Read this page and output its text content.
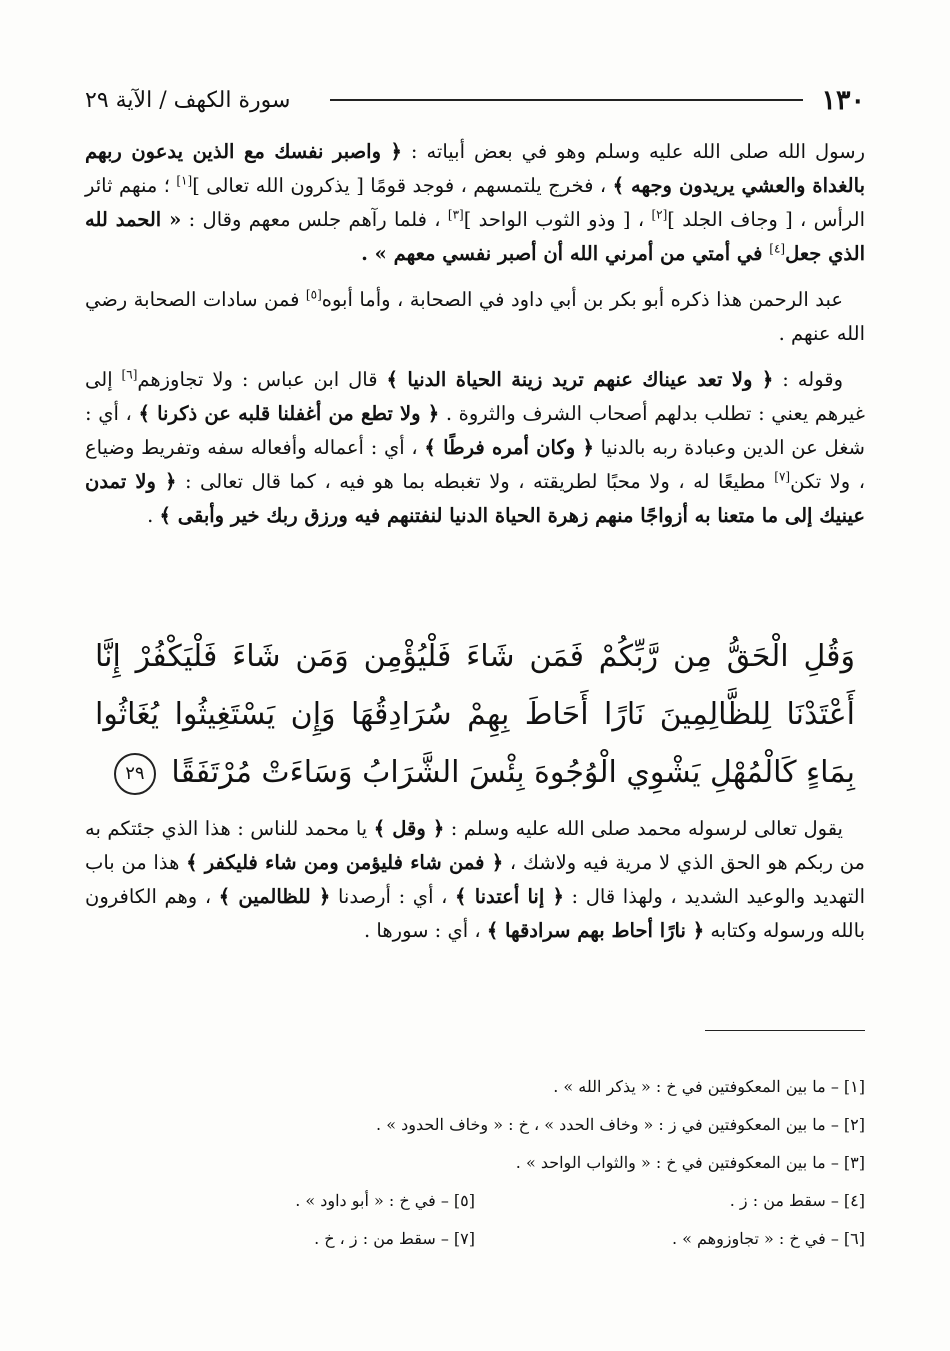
١٣٠
سورة الكهف / الآية ٢٩

رسول الله صلى الله عليه وسلم وهو في بعض أبياته : ﴿ واصبر نفسك مع الذين يدعون ربهم بالغداة والعشي يريدون وجهه ﴾ ، فخرج يلتمسهم ، فوجد قومًا [ يذكرون الله تعالى ][١] ؛ منهم ثائر الرأس ، [ وجاف الجلد ][٢] ، [ وذو الثوب الواحد ][٣] ، فلما رآهم جلس معهم وقال : « الحمد لله الذي جعل[٤] في أمتي من أمرني الله أن أصبر نفسي معهم » .

عبد الرحمن هذا ذكره أبو بكر بن أبي داود في الصحابة ، وأما أبوه[٥] فمن سادات الصحابة رضي الله عنهم .

وقوله : ﴿ ولا تعد عيناك عنهم تريد زينة الحياة الدنيا ﴾ قال ابن عباس : ولا تجاوزهم[٦] إلى غيرهم يعني : تطلب بدلهم أصحاب الشرف والثروة . ﴿ ولا تطع من أغفلنا قلبه عن ذكرنا ﴾ ، أي : شغل عن الدين وعبادة ربه بالدنيا ﴿ وكان أمره فرطًا ﴾ ، أي : أعماله وأفعاله سفه وتفريط وضياع ، ولا تكن[٧] مطيعًا له ، ولا محبًا لطريقته ، ولا تغبطه بما هو فيه ، كما قال تعالى : ﴿ ولا تمدن عينيك إلى ما متعنا به أزواجًا منهم زهرة الحياة الدنيا لنفتنهم فيه ورزق ربك خير وأبقى ﴾ .

وَقُلِ الْحَقُّ مِن رَّبِّكُمْ فَمَن شَاءَ فَلْيُؤْمِن وَمَن شَاءَ فَلْيَكْفُرْ إِنَّا أَعْتَدْنَا لِلظَّالِمِينَ نَارًا أَحَاطَ بِهِمْ سُرَادِقُهَا وَإِن يَسْتَغِيثُوا يُغَاثُوا بِمَاءٍ كَالْمُهْلِ يَشْوِي الْوُجُوهَ بِئْسَ الشَّرَابُ وَسَاءَتْ مُرْتَفَقًا
٢٩
يقول تعالى لرسوله محمد صلى الله عليه وسلم : ﴿ وقل ﴾ يا محمد للناس : هذا الذي جئتكم به من ربكم هو الحق الذي لا مرية فيه ولاشك ، ﴿ فمن شاء فليؤمن ومن شاء فليكفر ﴾ هذا من باب التهديد والوعيد الشديد ، ولهذا قال : ﴿ إنا أعتدنا ﴾ ، أي : أرصدنا ﴿ للظالمين ﴾ ، وهم الكافرون بالله ورسوله وكتابه ﴿ نارًا أحاط بهم سرادقها ﴾ ، أي : سورها .
[١] – ما بين المعكوفتين في خ : « يذكر الله » .
[٢] – ما بين المعكوفتين في ز : « وخاف الحدد » ، خ : « وخاف الحدود » .
[٣] – ما بين المعكوفتين في خ : « والثواب الواحد » .
[٤] – سقط من : ز .
[٥] – في خ : « أبو داود » .
[٦] – في خ : « تجاوزوهم » .
[٧] – سقط من : ز ، خ .
